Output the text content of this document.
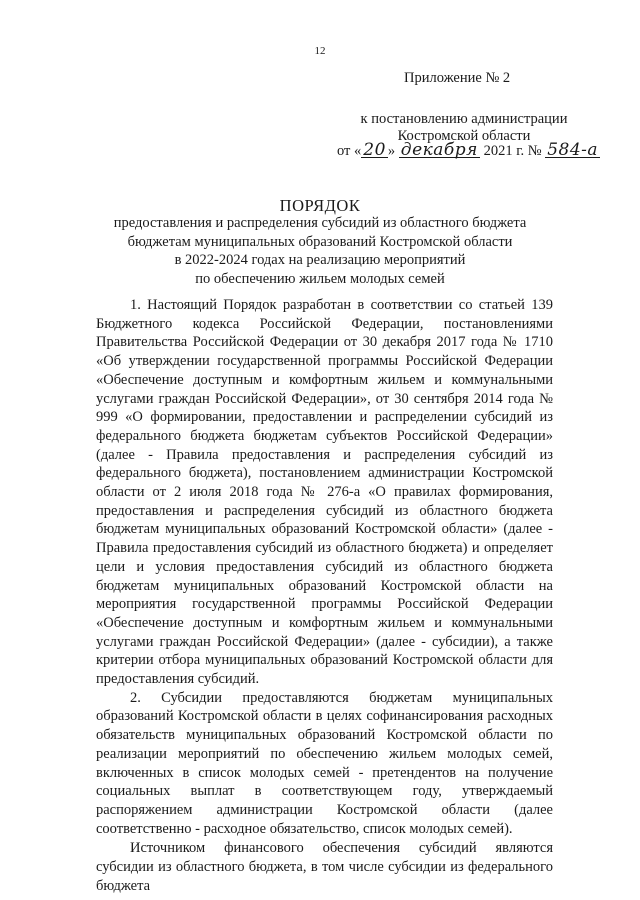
12
Приложение № 2
к постановлению администрации
Костромской области
от « 20 » декабря 2021 г. № 584-а
ПОРЯДОК
предоставления и распределения субсидий из областного бюджета
бюджетам муниципальных образований Костромской области
в 2022-2024 годах на реализацию мероприятий
по обеспечению жильем молодых семей

1. Настоящий Порядок разработан в соответствии со статьей 139 Бюджетного кодекса Российской Федерации, постановлениями Правительства Российской Федерации от 30 декабря 2017 года № 1710 «Об утверждении государственной программы Российской Федерации «Обеспечение доступным и комфортным жильем и коммунальными услугами граждан Российской Федерации», от 30 сентября 2014 года № 999 «О формировании, предоставлении и распределении субсидий из федерального бюджета бюджетам субъектов Российской Федерации» (далее - Правила предоставления и распределения субсидий из федерального бюджета), постановлением администрации Костромской области от 2 июля 2018 года № 276-а «О правилах формирования, предоставления и распределения субсидий из областного бюджета бюджетам муниципальных образований Костромской области» (далее - Правила предоставления субсидий из областного бюджета) и определяет цели и условия предоставления субсидий из областного бюджета бюджетам муниципальных образований Костромской области на мероприятия государственной программы Российской Федерации «Обеспечение доступным и комфортным жильем и коммунальными услугами граждан Российской Федерации» (далее - субсидии), а также критерии отбора муниципальных образований Костромской области для предоставления субсидий.

2. Субсидии предоставляются бюджетам муниципальных образований Костромской области в целях софинансирования расходных обязательств муниципальных образований Костромской области по реализации мероприятий по обеспечению жильем молодых семей, включенных в список молодых семей - претендентов на получение социальных выплат в соответствующем году, утверждаемый распоряжением администрации Костромской области (далее соответственно - расходное обязательство, список молодых семей).

Источником финансового обеспечения субсидий являются субсидии из областного бюджета, в том числе субсидии из федерального бюджета
